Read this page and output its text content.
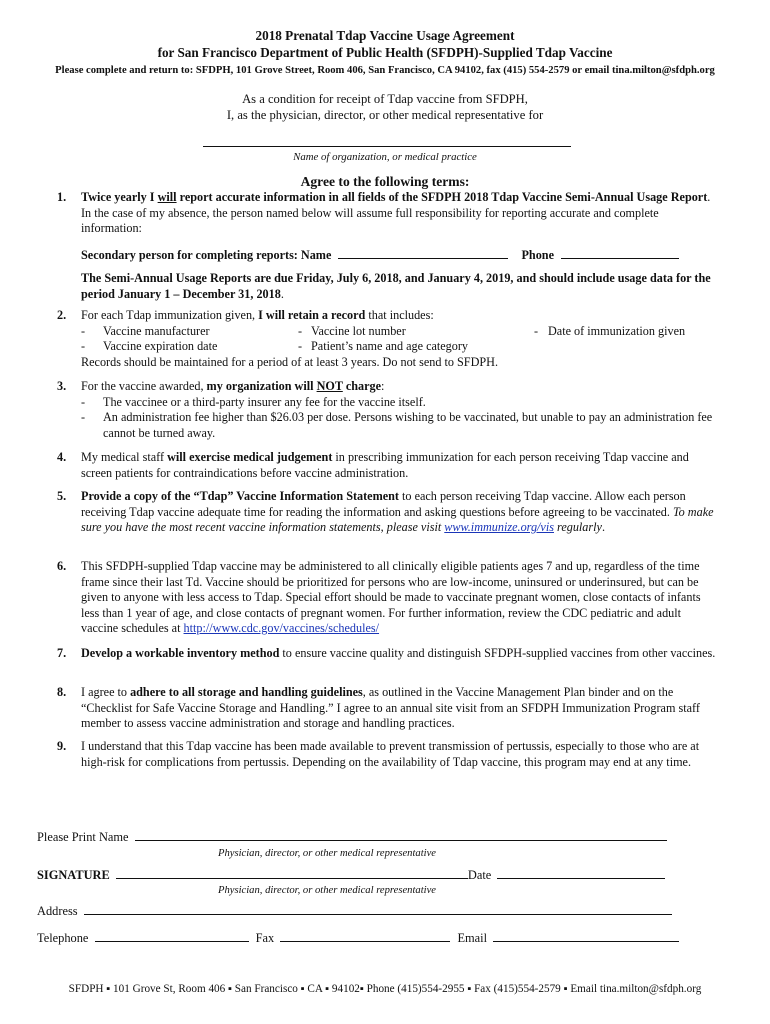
2018 Prenatal Tdap Vaccine Usage Agreement
for San Francisco Department of Public Health (SFDPH)-Supplied Tdap Vaccine
Please complete and return to: SFDPH, 101 Grove Street, Room 406, San Francisco, CA 94102, fax (415) 554-2579 or email tina.milton@sfdph.org
As a condition for receipt of Tdap vaccine from SFDPH,
I, as the physician, director, or other medical representative for
Name of organization, or medical practice
Agree to the following terms:
1. Twice yearly I will report accurate information in all fields of the SFDPH 2018 Tdap Vaccine Semi-Annual Usage Report. In the case of my absence, the person named below will assume full responsibility for reporting accurate and complete information:

Secondary person for completing reports: Name	Phone

The Semi-Annual Usage Reports are due Friday, July 6, 2018, and January 4, 2019, and should include usage data for the period January 1 – December 31, 2018.

2. For each Tdap immunization given, I will retain a record that includes:

- Vaccine manufacturer	- Vaccine lot number	- Date of immunization given
- Vaccine expiration date	- Patient’s name and age category

Records should be maintained for a period of at least 3 years. Do not send to SFDPH.

3. For the vaccine awarded, my organization will NOT charge:

- The vaccinee or a third-party insurer any fee for the vaccine itself.
- An administration fee higher than $26.03 per dose. Persons wishing to be vaccinated, but unable to pay an administration fee cannot be turned away.
4. My medical staff will exercise medical judgement in prescribing immunization for each person receiving Tdap vaccine and screen patients for contraindications before vaccine administration.

5. Provide a copy of the “Tdap” Vaccine Information Statement to each person receiving Tdap vaccine. Allow each person receiving Tdap vaccine adequate time for reading the information and asking questions before agreeing to be vaccinated. To make sure you have the most recent vaccine information statements, please visit www.immunize.org/vis regularly.

6. This SFDPH-supplied Tdap vaccine may be administered to all clinically eligible patients ages 7 and up, regardless of the time frame since their last Td. Vaccine should be prioritized for persons who are low-income, uninsured or underinsured, but can be given to anyone with less access to Tdap. Special effort should be made to vaccinate pregnant women, close contacts of infants less than 1 year of age, and close contacts of pregnant women. For further information, review the CDC pediatric and adult vaccine schedules at http://www.cdc.gov/vaccines/schedules/

7. Develop a workable inventory method to ensure vaccine quality and distinguish SFDPH-supplied vaccines from other vaccines.

8. I agree to adhere to all storage and handling guidelines, as outlined in the Vaccine Management Plan binder and on the “Checklist for Safe Vaccine Storage and Handling.” I agree to an annual site visit from an SFDPH Immunization Program staff member to assess vaccine administration and storage and handling practices.

9. I understand that this Tdap vaccine has been made available to prevent transmission of pertussis, especially to those who are at high-risk for complications from pertussis. Depending on the availability of Tdap vaccine, this program may end at any time.

Please Print Name
Physician, director, or other medical representative
SIGNATURE	Date
Physician, director, or other medical representative
Address
Telephone	Fax	Email
SFDPH ▪ 101 Grove St, Room 406 ▪ San Francisco ▪ CA ▪ 94102▪ Phone (415)554-2955 ▪ Fax (415)554-2579 ▪ Email tina.milton@sfdph.org
